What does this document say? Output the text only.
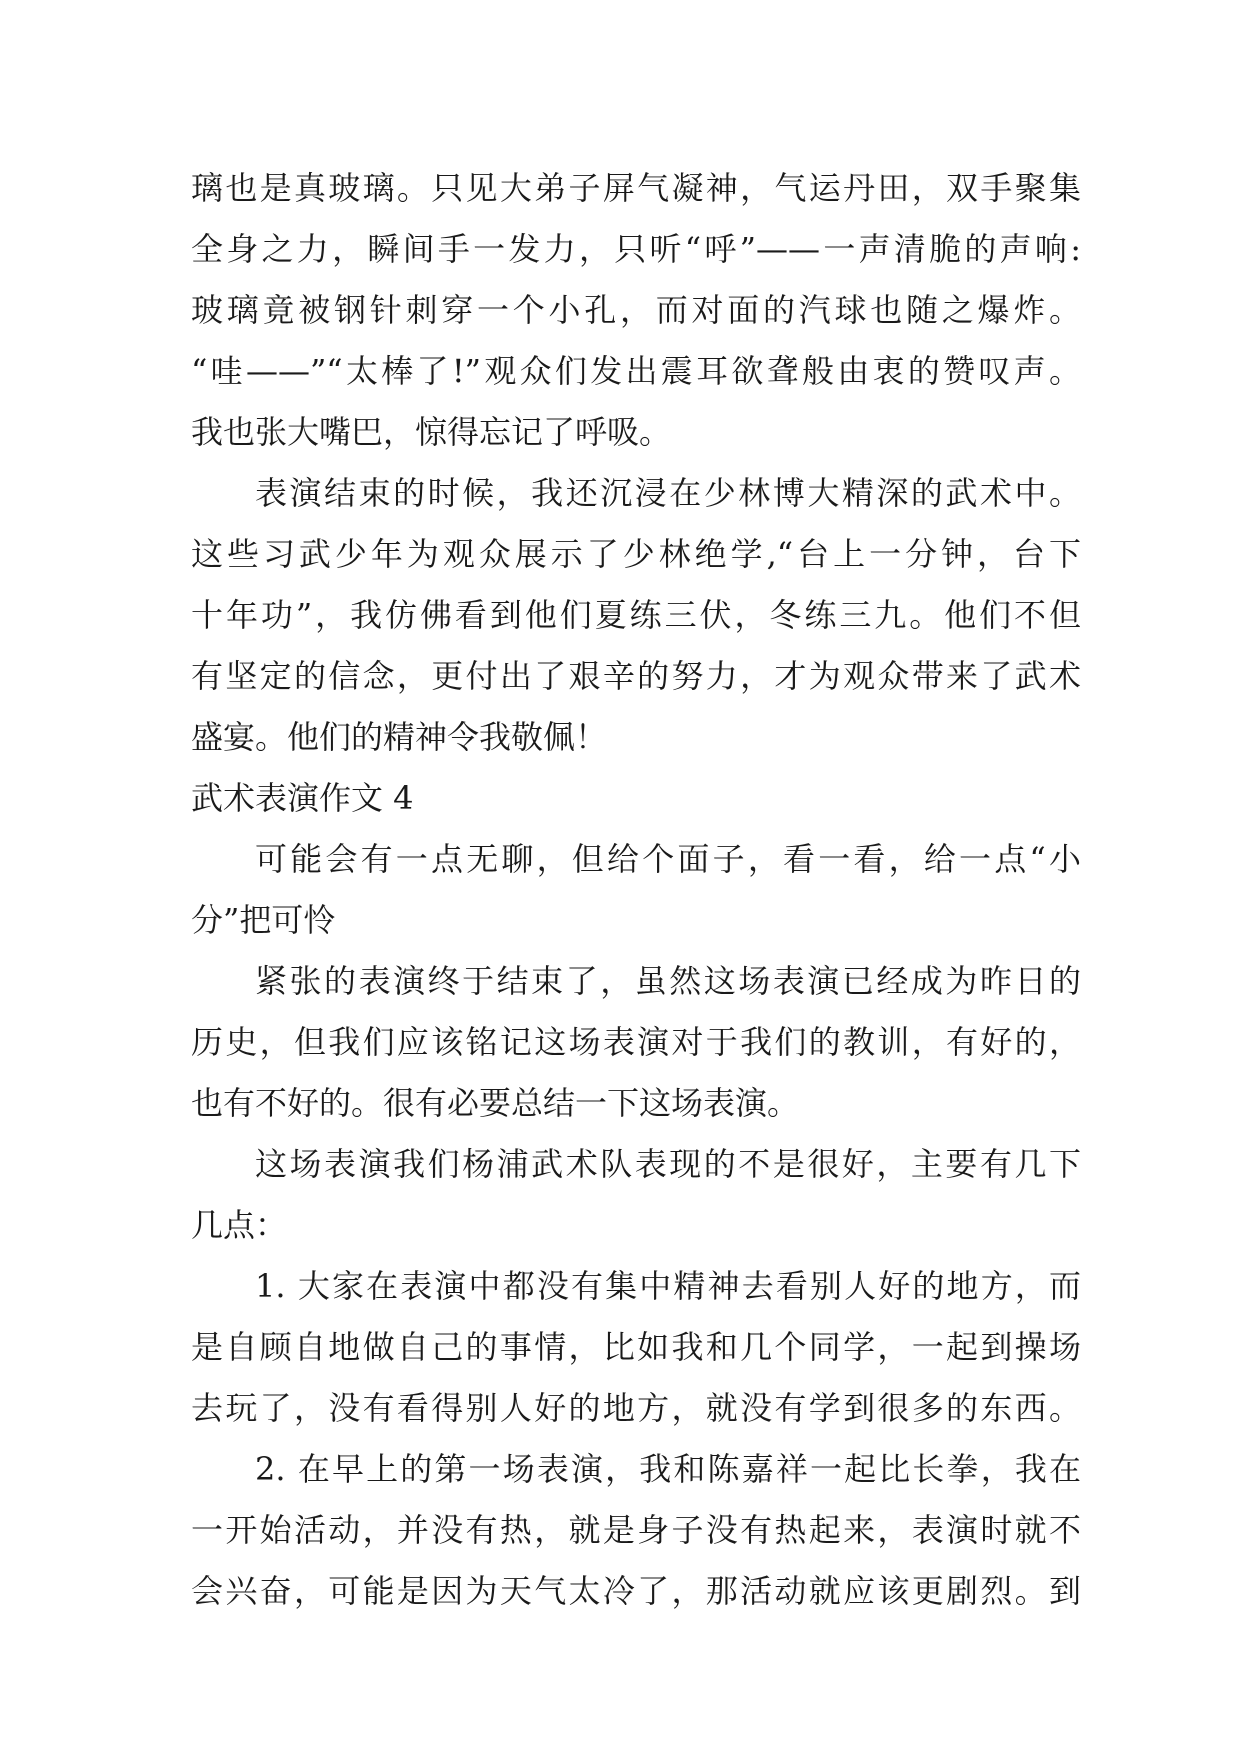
璃也是真玻璃。只见大弟子屏气凝神，气运丹田，双手聚集
全身之力，瞬间手一发力，只听“呼”——一声清脆的声响:
玻璃竟被钢针刺穿一个小孔，而对面的汽球也随之爆炸。
“哇——”“太棒了!”观众们发出震耳欲聋般由衷的赞叹声。
我也张大嘴巴，惊得忘记了呼吸。
表演结束的时候，我还沉浸在少林博大精深的武术中。
这些习武少年为观众展示了少林绝学,“台上一分钟，台下
十年功”，我仿佛看到他们夏练三伏，冬练三九。他们不但
有坚定的信念，更付出了艰辛的努力，才为观众带来了武术
盛宴。他们的精神令我敬佩！
武术表演作文 4
可能会有一点无聊，但给个面子，看一看，给一点“小
分”把可怜
紧张的表演终于结束了，虽然这场表演已经成为昨日的
历史，但我们应该铭记这场表演对于我们的教训，有好的，
也有不好的。很有必要总结一下这场表演。
这场表演我们杨浦武术队表现的不是很好，主要有几下
几点：
1. 大家在表演中都没有集中精神去看别人好的地方，而
是自顾自地做自己的事情，比如我和几个同学，一起到操场
去玩了，没有看得别人好的地方，就没有学到很多的东西。
2. 在早上的第一场表演，我和陈嘉祥一起比长拳，我在
一开始活动，并没有热，就是身子没有热起来，表演时就不
会兴奋，可能是因为天气太冷了，那活动就应该更剧烈。到
